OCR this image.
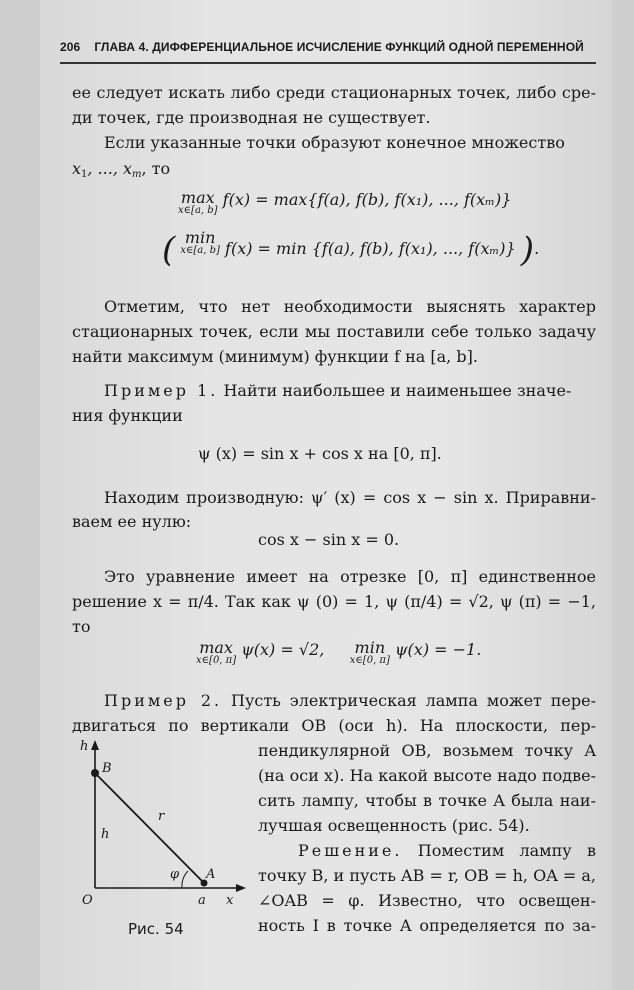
206 ГЛАВА 4. ДИФФЕРЕНЦИАЛЬНОЕ ИСЧИСЛЕНИЕ ФУНКЦИЙ ОДНОЙ ПЕРЕМЕННОЙ
ее следует искать либо среди стационарных точек, либо сре-
ди точек, где производная не существует.
Если указанные точки образуют конечное множество
$x_1$, ..., $x_m$, то
max
x∈[a, b]
f(x) = max{f(a), f(b), f(x₁), ..., f(xₘ)}
( min
x∈[a, b] f(x) = min {f(a), f(b), f(x₁), ..., f(xₘ)} ).
Отметим, что нет необходимости выяснять характер
стационарных точек, если мы поставили себе только задачу
найти максимум (минимум) функции f на [a, b].
Пример 1. Найти наибольшее и наименьшее значе-
ния функции
ψ (x) = sin x + cos x на [0, π].
Находим производную: ψ′ (x) = cos x − sin x. Приравни-
ваем ее нулю:
cos x − sin x = 0.
Это уравнение имеет на отрезке [0, π] единственное
решение x = π/4. Так как ψ (0) = 1, ψ (π/4) = √2, ψ (π) = −1,
то
max
x∈[0, π]
ψ(x) = √2, min
x∈[0, π]
ψ(x) = −1.
Пример 2. Пусть электрическая лампа может пере-
двигаться по вертикали OB (оси h). На плоскости, пер-
пендикулярной OB, возьмем точку A
(на оси x). На какой высоте надо подве-
сить лампу, чтобы в точке A была наи-
лучшая освещенность (рис. 54).
Решение. Поместим лампу в
точку B, и пусть AB = r, OB = h, OA = a,
∠OAB = φ. Известно, что освещен-
ность I в точке A определяется по за-
h
x
B
O
A
a
r
h
φ
Рис. 54
